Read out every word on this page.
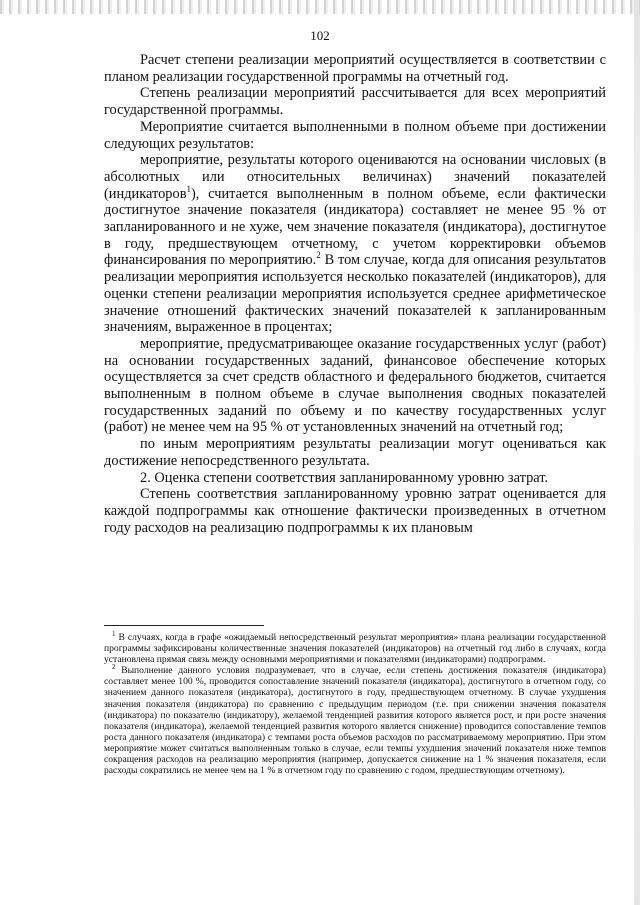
102

Расчет степени реализации мероприятий осуществляется в соответствии с планом реализации государственной программы на отчетный год.

Степень реализации мероприятий рассчитывается для всех мероприятий государственной программы.

Мероприятие считается выполненными в полном объеме при достижении следующих результатов:

мероприятие, результаты которого оцениваются на основании числовых (в абсолютных или относительных величинах) значений показателей (индикаторов$^1$), считается выполненным в полном объеме, если фактически достигнутое значение показателя (индикатора) составляет не менее 95 % от запланированного и не хуже, чем значение показателя (индикатора), достигнутое в году, предшествующем отчетному, с учетом корректировки объемов финансирования по мероприятию.$^2$ В том случае, когда для описания результатов реализации мероприятия используется несколько показателей (индикаторов), для оценки степени реализации мероприятия используется среднее арифметическое значение отношений фактических значений показателей к запланированным значениям, выраженное в процентах;

мероприятие, предусматривающее оказание государственных услуг (работ) на основании государственных заданий, финансовое обеспечение которых осуществляется за счет средств областного и федерального бюджетов, считается выполненным в полном объеме в случае выполнения сводных показателей государственных заданий по объему и по качеству государственных услуг (работ) не менее чем на 95 % от установленных значений на отчетный год;

по иным мероприятиям результаты реализации могут оцениваться как достижение непосредственного результата.

2. Оценка степени соответствия запланированному уровню затрат.

Степень соответствия запланированному уровню затрат оценивается для каждой подпрограммы как отношение фактически произведенных в отчетном году расходов на реализацию подпрограммы к их плановым

$^1$ В случаях, когда в графе «ожидаемый непосредственный результат мероприятия» плана реализации государственной программы зафиксированы количественные значения показателей (индикаторов) на отчетный год либо в случаях, когда установлена прямая связь между основными мероприятиями и показателями (индикаторами) подпрограмм.

$^2$ Выполнение данного условия подразумевает, что в случае, если степень достижения показателя (индикатора) составляет менее 100 %, проводится сопоставление значений показателя (индикатора), достигнутого в отчетном году, со значением данного показателя (индикатора), достигнутого в году, предшествующем отчетному. В случае ухудшения значения показателя (индикатора) по сравнению с предыдущим периодом (т.е. при снижении значения показателя (индикатора) по показателю (индикатору), желаемой тенденцией развития которого является рост, и при росте значения показателя (индикатора), желаемой тенденцией развития которого является снижение) проводится сопоставление темпов роста данного показателя (индикатора) с темпами роста объемов расходов по рассматриваемому мероприятию. При этом мероприятие может считаться выполненным только в случае, если темпы ухудшения значений показателя ниже темпов сокращения расходов на реализацию мероприятия (например, допускается снижение на 1 % значения показателя, если расходы сократились не менее чем на 1 % в отчетном году по сравнению с годом, предшествующим отчетному).
